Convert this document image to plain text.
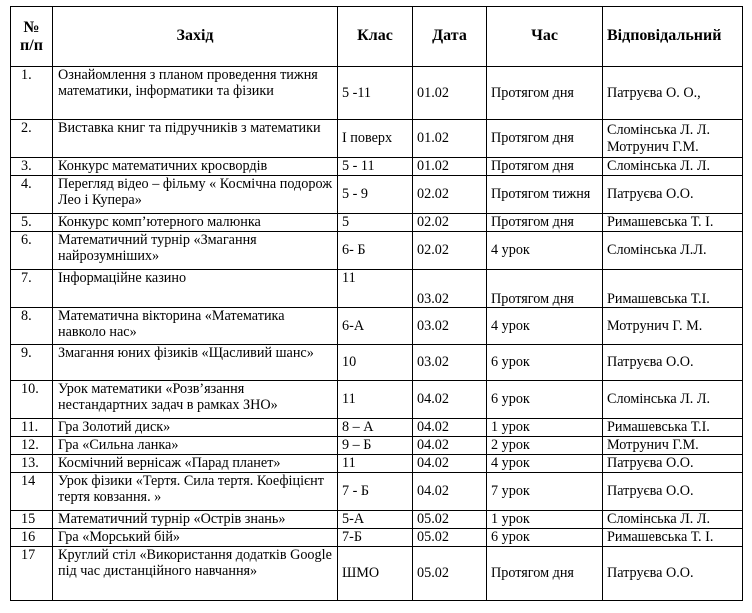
№ п/п	Захід	Клас	Дата	Час	Відповідальний
1.	Ознайомлення з планом проведення тижня математики, інформатики та фізики	5 -11	01.02	Протягом дня	Патруєва О. О.,
2.	Виставка книг та підручників з математики	І поверх	01.02	Протягом дня	Сломінська Л. Л. Мотрунич Г.М.
3.	Конкурс математичних кросвордів	5 - 11	01.02	Протягом дня	Сломінська Л. Л.
4.	Перегляд відео – фільму « Космічна подорож Лео і Купера»	5 - 9	02.02	Протягом тижня	Патруєва О.О.
5.	Конкурс комп’ютерного малюнка	5	02.02	Протягом дня	Римашевська Т. І.
6.	Математичний турнір «Змагання найрозумніших»	6- Б	02.02	4 урок	Сломінська Л.Л.
7.	Інформаційне казино	11	03.02	Протягом дня	Римашевська Т.І.
8.	Математична вікторина «Математика навколо нас»	6-А	03.02	4 урок	Мотрунич Г. М.
9.	Змагання юних фізиків «Щасливий шанс»	10	03.02	6 урок	Патруєва О.О.
10.	Урок математики «Розв’язання нестандартних задач в рамках ЗНО»	11	04.02	6 урок	Сломінська Л. Л.
11.	Гра Золотий диск»	8 – А	04.02	1 урок	Римашевська Т.І.
12.	Гра «Сильна ланка»	9 – Б	04.02	2 урок	Мотрунич Г.М.
13.	Космічний вернісаж «Парад планет»	11	04.02	4 урок	Патруєва О.О.
14	Урок фізики «Тертя. Сила тертя. Коефіцієнт тертя ковзання. »	7 - Б	04.02	7 урок	Патруєва О.О.
15	Математичний турнір «Острів знань»	5-А	05.02	1 урок	Сломінська Л. Л.
16	Гра «Морський бій»	7-Б	05.02	6 урок	Римашевська Т. І.
17	Круглий стіл «Використання додатків Google під час дистанційного навчання»	ШМО	05.02	Протягом дня	Патруєва О.О.
